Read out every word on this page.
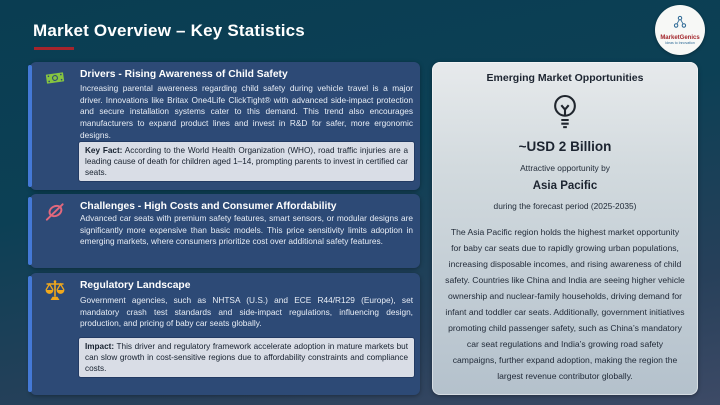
Market Overview – Key Statistics	MarketGenics
Ideas to Innovation
Drivers - Rising Awareness of Child Safety
Increasing parental awareness regarding child safety during vehicle travel is a major driver. Innovations like Britax One4Life ClickTight® with advanced side-impact protection and secure installation systems cater to this demand. This trend also encourages manufacturers to expand product lines and invest in R&D for safer, more ergonomic designs.
Key Fact: According to the World Health Organization (WHO), road traffic injuries are a leading cause of death for children aged 1–14, prompting parents to invest in certified car seats.
Challenges - High Costs and Consumer Affordability
Advanced car seats with premium safety features, smart sensors, or modular designs are significantly more expensive than basic models. This price sensitivity limits adoption in emerging markets, where consumers prioritize cost over additional safety features.
Regulatory Landscape
Government agencies, such as NHTSA (U.S.) and ECE R44/R129 (Europe), set mandatory crash test standards and side-impact regulations, influencing design, production, and pricing of baby car seats globally.
Impact: This driver and regulatory framework accelerate adoption in mature markets but can slow growth in cost-sensitive regions due to affordability constraints and compliance costs.
Emerging Market Opportunities
~USD 2 Billion
Attractive opportunity by
Asia Pacific
during the forecast period (2025-2035)
The Asia Pacific region holds the highest market opportunity for baby car seats due to rapidly growing urban populations, increasing disposable incomes, and rising awareness of child safety. Countries like China and India are seeing higher vehicle ownership and nuclear-family households, driving demand for infant and toddler car seats. Additionally, government initiatives promoting child passenger safety, such as China’s mandatory car seat regulations and India’s growing road safety campaigns, further expand adoption, making the region the largest revenue contributor globally.
